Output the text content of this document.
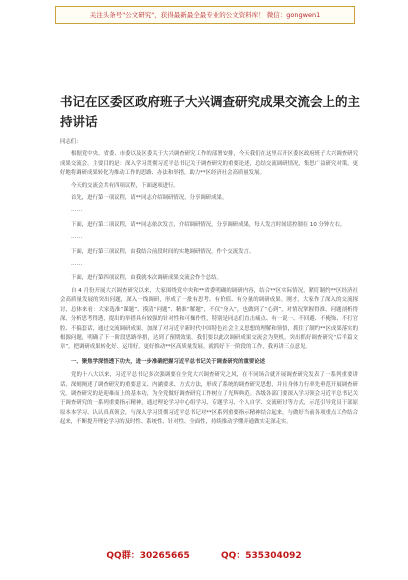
关注头条号"公文研究"，获得最新最全最专业的公文资料库！ 微信：gongwen1
书记在区委区政府班子大兴调查研究成果交流会上的主持讲话
同志们：
根据党中央、省委、市委以及区委关于大兴调查研究工作的部署安排，今天我们在这里召开区委区政府班子大兴调查研究成果交流会，主要目的是：深入学习贯彻习近平总书记关于调查研究的重要论述，总结交流调研情况，集思广益研究对策，更好地将调研成果转化为推动工作的思路、办法和举措，助力**区经济社会高质量发展。
今天的交流会共有四项议程，下面逐项进行。
首先，进行第一项议程，请**同志介绍调研情况，分享调研成果。
……
下面，进行第二项议程，请**同志依次发言，介绍调研情况，分享调研成果，每人发言时间请控制在 10 分钟左右。
……
下面，进行第三项议程，由我结合前段时间的实地调研情况，作个交流发言。
……
下面，进行第四项议程，由我就本次调研成果交流会作个总结。
自 4 月份开展大兴调查研究以来，大家围绕党中央和**省委明确的调研内容，结合**区实际情况，紧盯制约**区经济社会高质量发展的突出问题，深入一线调研，形成了一批有思考、有价值、有分量的调研成果。刚才，大家作了深入的交流探讨，总体来看：大家选准“课题”、摸清“问题”、精准“解题”，不仅“身入”，也做到了“心到”，对情况掌握得准、问题剖析得深，分析思考得透，提出的举措具有较强的针对性和可操作性，特别是同志们直击痛点、有一说一、不回避、不掩饰、不打官腔、不搞套话，通过交流调研成果，加深了对习近平新时代中国特色社会主义思想的理解和领悟，抓住了制约**区成果落实的根源问题，明确了下一阶段思路举措，达到了预期效果。我们要以此次调研成果交流会为契机，突出抓好调查研究“后半篇文章”，把调研成果转化好、运用好，更好推动**区高质量发展。就抓好下一阶段的工作，我再讲三点意见。
一、聚焦学深悟透下功夫，进一步准确把握习近平总书记关于调查研究的重要论述
党的十八大以来，习近平总书记多次强调要在全党大兴调查研究之风，在不同场合就开展调查研究发表了一系列重要讲话，深刻阐述了调查研究的重要意义、内涵要求、方式方法，形成了系统的调查研究思想，并且身体力行率先垂范开展调查研究。调查研究的是迎难而上的基本功，为全党做好调查研究工作树立了光辉典范。各级各部门要深入学习领会习近平总书记关于调查研究的一系列重要指示精神，通过理论学习中心组学习、专题学习、个人自学、交流研讨等方式，示范引导党员干部原原本本学习、认认真真领会，与深入学习贯彻习近平总书记对**区系列重要指示精神结合起来，与做好当前各项重点工作结合起来，不断提升理论学习的及时性、系统性、针对性、全面性，持续推动学懂弄通做实走深走实。
QQ群：30265665	QQ：535304092
